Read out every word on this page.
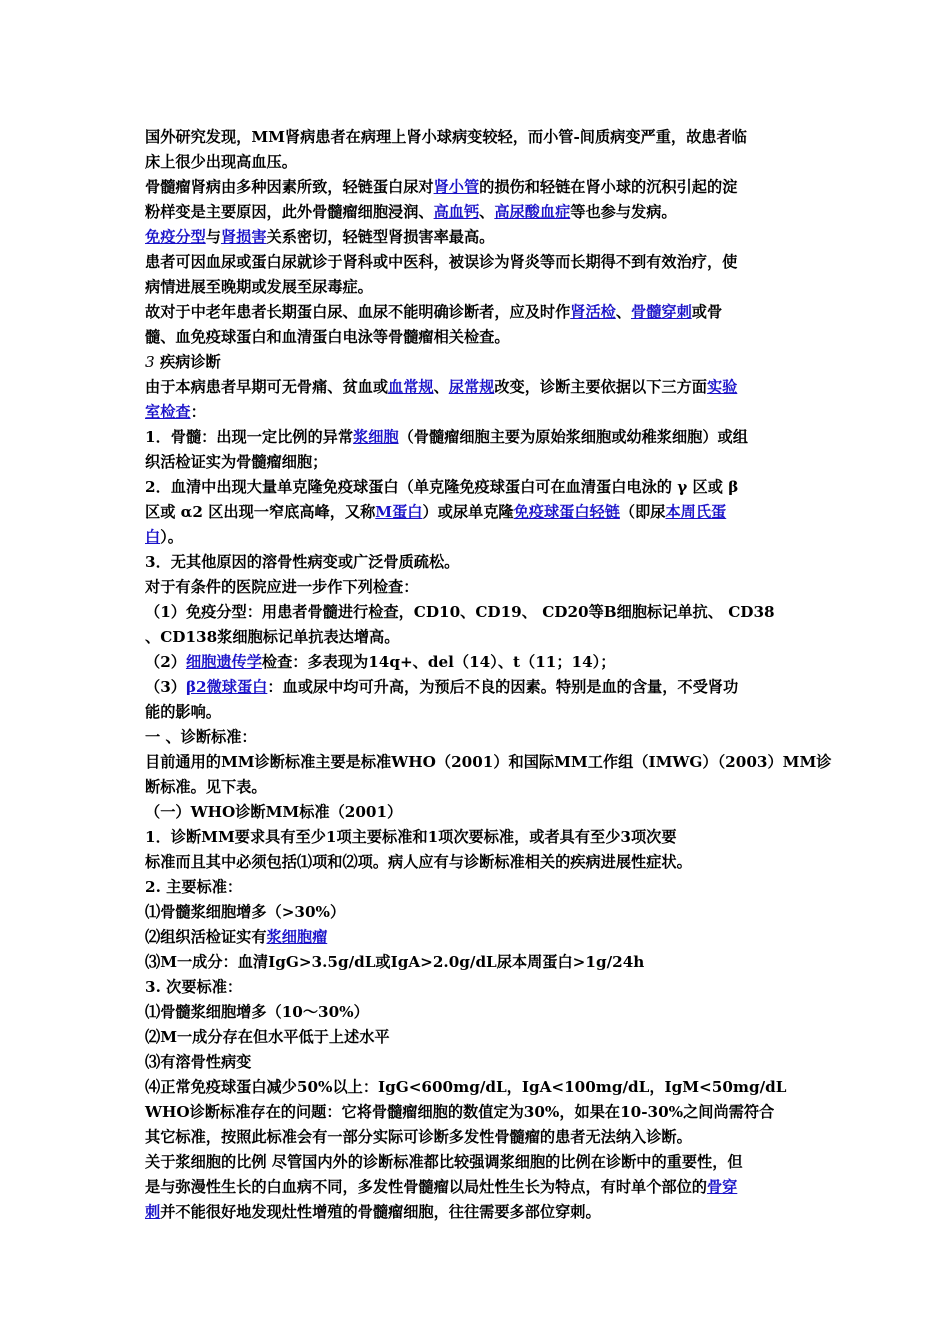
国外研究发现，MM肾病患者在病理上肾小球病变较轻，而小管-间质病变严重，故患者临

床上很少出现高血压。

骨髓瘤肾病由多种因素所致，轻链蛋白尿对肾小管的损伤和轻链在肾小球的沉积引起的淀

粉样变是主要原因，此外骨髓瘤细胞浸润、高血钙、高尿酸血症等也参与发病。

免疫分型与肾损害关系密切，轻链型肾损害率最高。

患者可因血尿或蛋白尿就诊于肾科或中医科，被误诊为肾炎等而长期得不到有效治疗，使

病情进展至晚期或发展至尿毒症。

故对于中老年患者长期蛋白尿、血尿不能明确诊断者，应及时作肾活检、骨髓穿刺或骨

髓、血免疫球蛋白和血清蛋白电泳等骨髓瘤相关检查。

3 疾病诊断

由于本病患者早期可无骨痛、贫血或血常规、尿常规改变，诊断主要依据以下三方面实验

室检查：

1．骨髓：出现一定比例的异常浆细胞（骨髓瘤细胞主要为原始浆细胞或幼稚浆细胞）或组

织活检证实为骨髓瘤细胞；

2．血清中出现大量单克隆免疫球蛋白（单克隆免疫球蛋白可在血清蛋白电泳的 γ 区或 β

区或 α2 区出现一窄底高峰，又称M蛋白）或尿单克隆免疫球蛋白轻链（即尿本周氏蛋

白）。

3．无其他原因的溶骨性病变或广泛骨质疏松。

对于有条件的医院应进一步作下列检查：

（1）免疫分型：用患者骨髓进行检查，CD10、CD19、 CD20等B细胞标记单抗、 CD38

、CD138浆细胞标记单抗表达增高。

（2）细胞遗传学检查：多表现为14q+、del（14）、t（11；14）；

（3）β2微球蛋白：血或尿中均可升高，为预后不良的因素。特别是血的含量，不受肾功

能的影响。

一 、诊断标准：

目前通用的MM诊断标准主要是标准WHO（2001）和国际MM工作组（IMWG）（2003）MM诊

断标准。见下表。

（一）WHO诊断MM标准（2001）

1．诊断MM要求具有至少1项主要标准和1项次要标准，或者具有至少3项次要

标准而且其中必须包括⑴项和⑵项。病人应有与诊断标准相关的疾病进展性症状。

2. 主要标准：

⑴骨髓浆细胞增多（>30%）

⑵组织活检证实有浆细胞瘤

⑶M一成分：血清IgG>3.5g/dL或IgA>2.0g/dL尿本周蛋白>1g/24h

3. 次要标准：

⑴骨髓浆细胞增多（10～30%）

⑵M一成分存在但水平低于上述水平

⑶有溶骨性病变

⑷正常免疫球蛋白减少50%以上：IgG<600mg/dL，IgA<100mg/dL，IgM<50mg/dL

WHO诊断标准存在的问题：它将骨髓瘤细胞的数值定为30%，如果在10-30%之间尚需符合

其它标准，按照此标准会有一部分实际可诊断多发性骨髓瘤的患者无法纳入诊断。

关于浆细胞的比例 尽管国内外的诊断标准都比较强调浆细胞的比例在诊断中的重要性，但

是与弥漫性生长的白血病不同，多发性骨髓瘤以局灶性生长为特点，有时单个部位的骨穿

刺并不能很好地发现灶性增殖的骨髓瘤细胞，往往需要多部位穿刺。
